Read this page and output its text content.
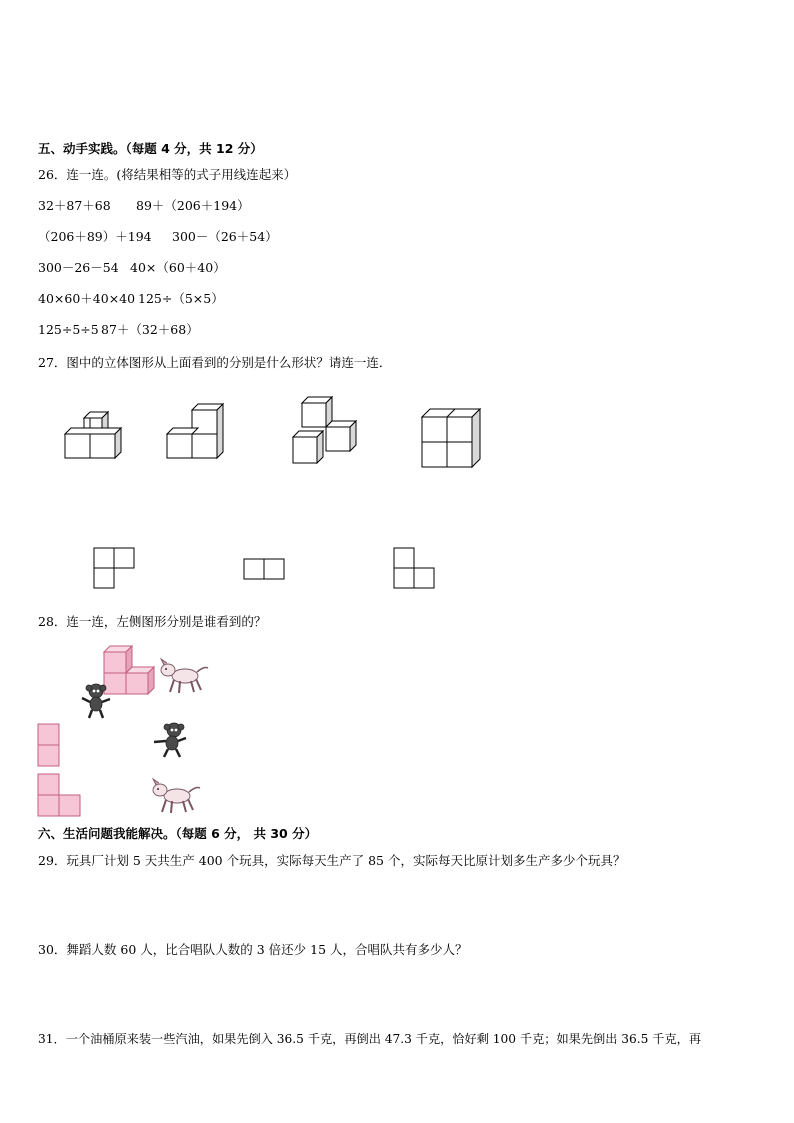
五、动手实践。（每题 4 分，共 12 分）
26．连一连。(将结果相等的式子用线连起来）
32＋87＋68 89＋（206＋194）
（206＋89）＋194 300－（26＋54）
300－26－54 40×（60＋40）
40×60＋40×40 125÷（5×5）
125÷5÷5 87＋（32＋68）
27．图中的立体图形从上面看到的分别是什么形状？请连一连．
28．连一连，左侧图形分别是谁看到的？
六、生活问题我能解决。（每题 6 分， 共 30 分）
29．玩具厂计划 5 天共生产 400 个玩具，实际每天生产了 85 个，实际每天比原计划多生产多少个玩具？
30．舞蹈人数 60 人，比合唱队人数的 3 倍还少 15 人，合唱队共有多少人？
31．一个油桶原来装一些汽油，如果先倒入 36.5 千克，再倒出 47.3 千克，恰好剩 100 千克；如果先倒出 36.5 千克，再
